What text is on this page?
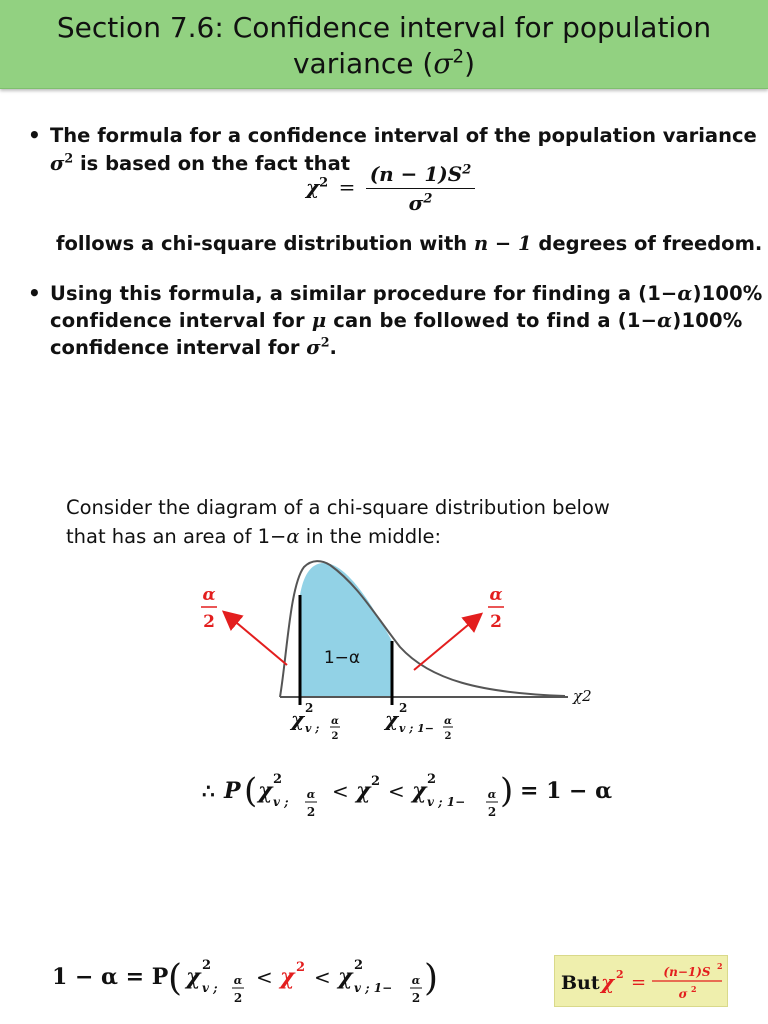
Section 7.6: Confidence interval for population
variance $(\sigma^2)$
• The formula for a confidence interval of the population variance
$\sigma^2$ is based on the fact that
$\chi^2 = \frac{(n - 1)S^2}{\sigma^2}$
follows a chi-square distribution with n − 1 degrees of freedom.
• Using this formula, a similar procedure for finding a (1−α)100%
confidence interval for μ can be followed to find a (1−α)100%
confidence interval for $\sigma^2$.
Consider the diagram of a chi-square distribution below
that has an area of 1−α in the middle:
α
2
α
2
1−α
χ2
χ 2
v ;
α
2
χ 2
v ; 1−
α
2
∴ P ( χ 2
v ;
α
2
< χ 2 < χ 2
v ; 1−
α
2
) = 1 − α
1 − α = P ( χ 2
v ;
α
2
< χ 2 < χ 2
v ; 1−
α
2 )	But χ 2 = (n−1)S 2
σ 2
